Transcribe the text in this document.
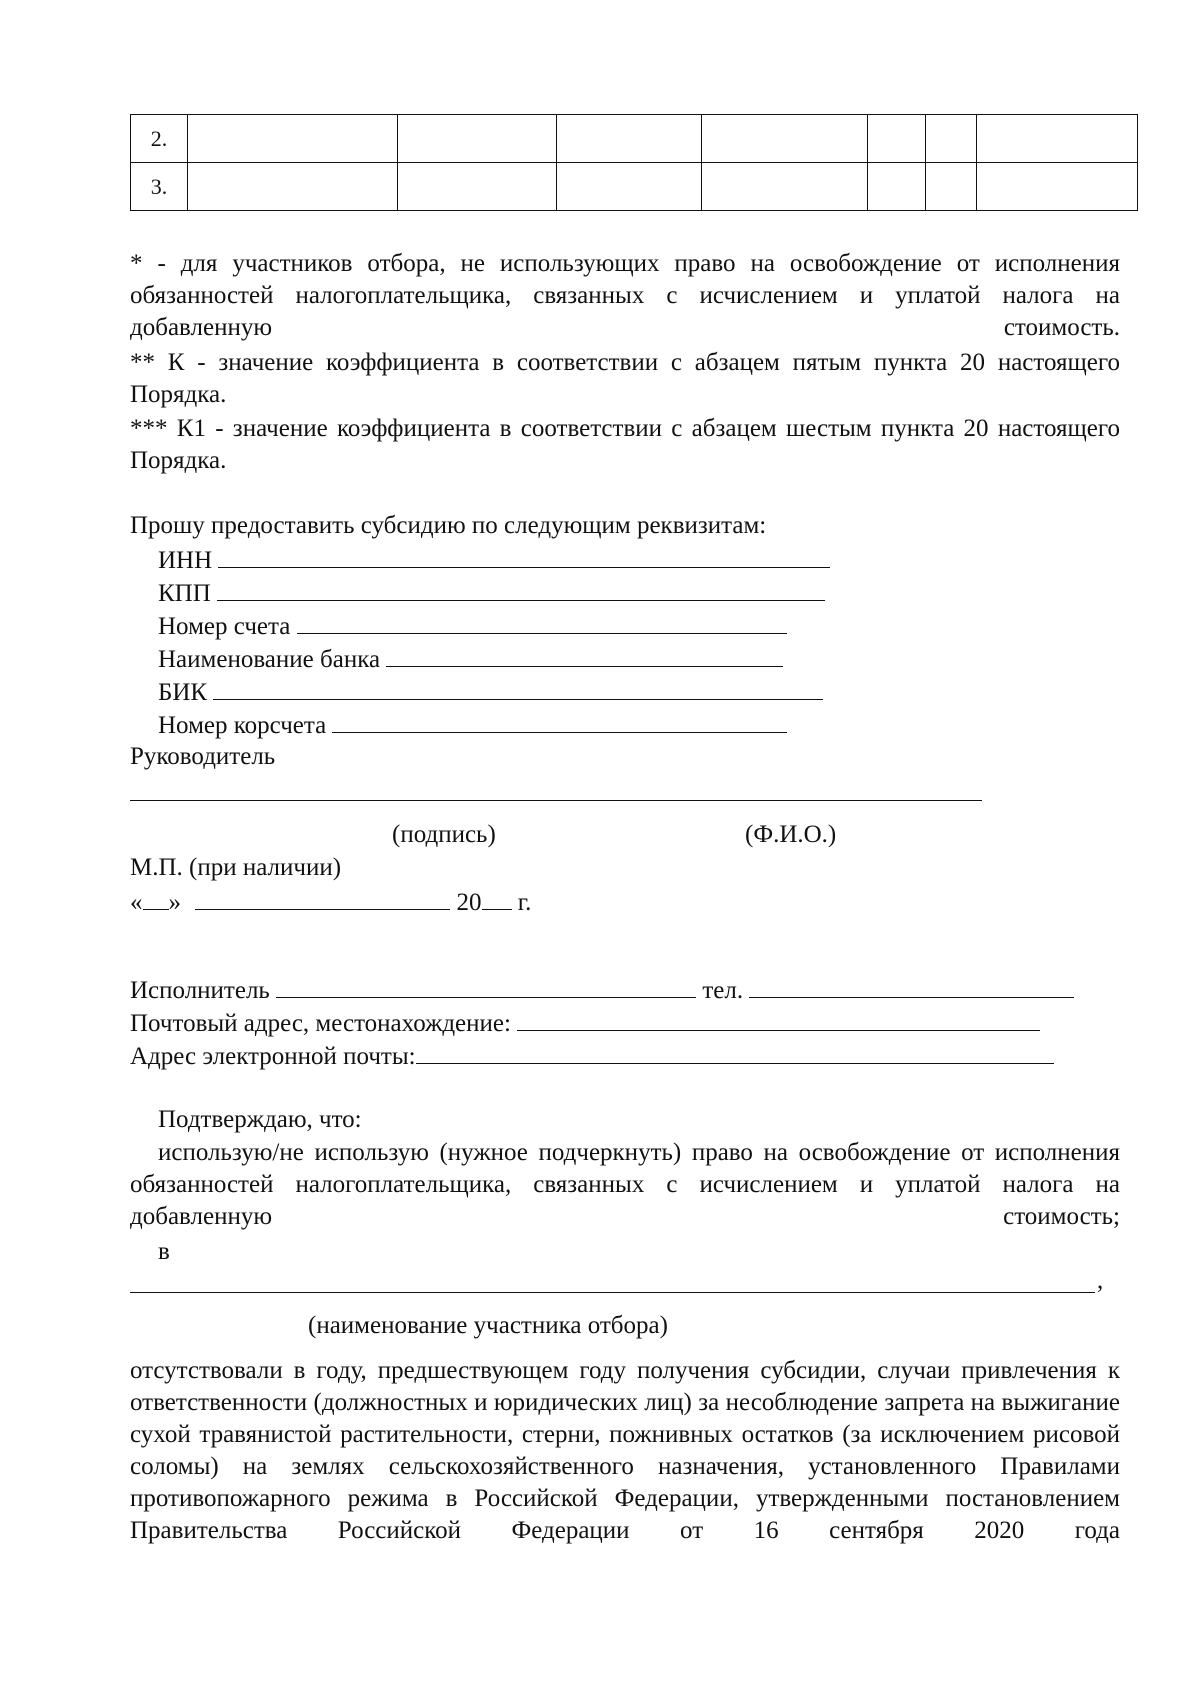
2.							
3.							
* - для участников отбора, не использующих право на освобождение от исполнения обязанностей налогоплательщика, связанных с исчислением и уплатой налога на добавленную стоимость.
** К - значение коэффициента в соответствии с абзацем пятым пункта 20 настоящего Порядка.
*** К1 - значение коэффициента в соответствии с абзацем шестым пункта 20 настоящего Порядка.
Прошу предоставить субсидию по следующим реквизитам:
ИНН
КПП
Номер счета
Наименование банка
БИК
Номер корсчета
Руководитель
(подпись)	(Ф.И.О.)
М.П. (при наличии)
« »	20 г.
Исполнитель	тел.
Почтовый адрес, местонахождение:
Адрес электронной почты:
Подтверждаю, что:
использую/не использую (нужное подчеркнуть) право на освобождение от исполнения обязанностей налогоплательщика, связанных с исчислением и уплатой налога на добавленную стоимость;
в
,
(наименование участника отбора)
отсутствовали в году, предшествующем году получения субсидии, случаи привлечения к ответственности (должностных и юридических лиц) за несоблюдение запрета на выжигание сухой травянистой растительности, стерни, пожнивных остатков (за исключением рисовой соломы) на землях сельскохозяйственного назначения, установленного Правилами противопожарного режима в Российской Федерации, утвержденными постановлением Правительства Российской Федерации от 16 сентября 2020 года
